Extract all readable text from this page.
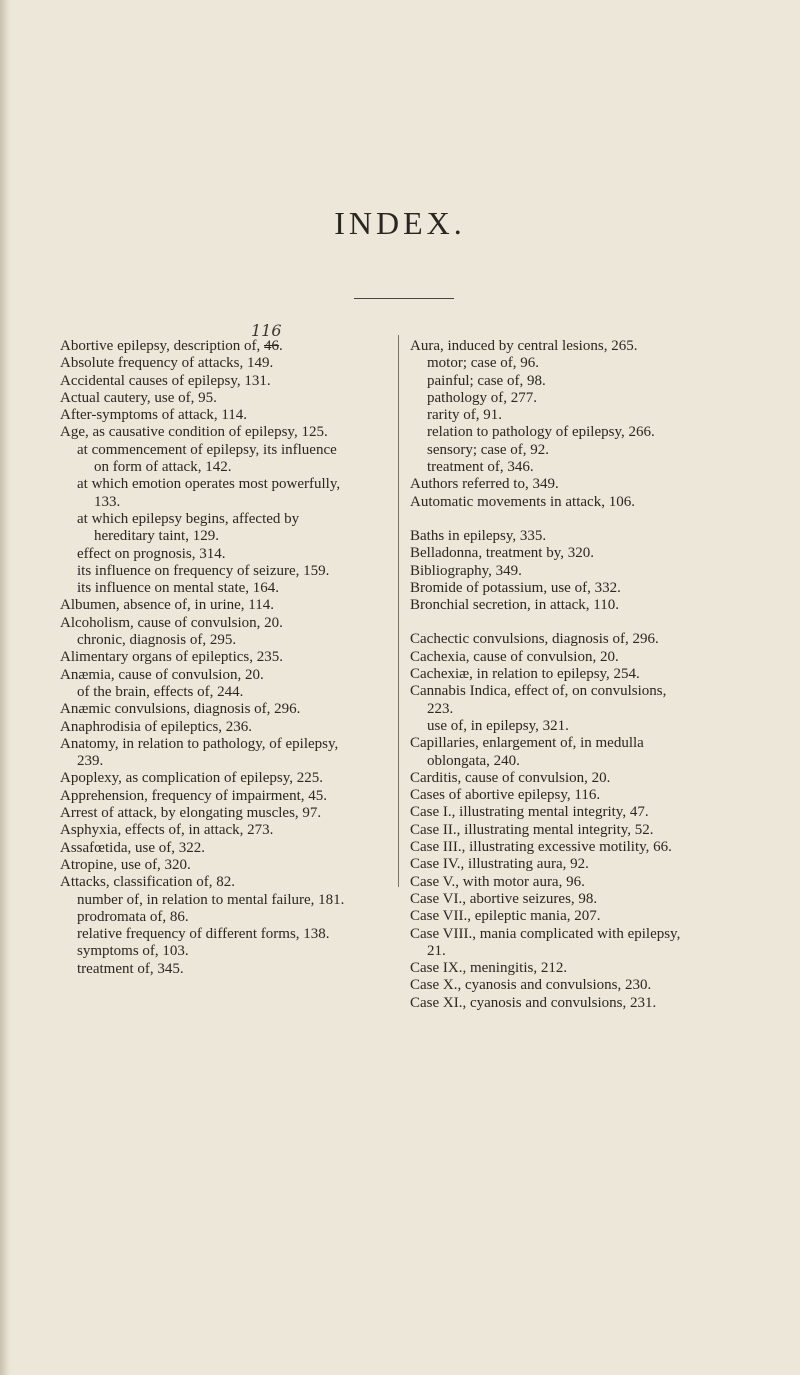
INDEX.
116
Abortive epilepsy, description of, 46.
Absolute frequency of attacks, 149.
Accidental causes of epilepsy, 131.
Actual cautery, use of, 95.
After-symptoms of attack, 114.
Age, as causative condition of epilepsy, 125.
at commencement of epilepsy, its influence on form of attack, 142.
at which emotion operates most powerfully, 133.
at which epilepsy begins, affected by hereditary taint, 129.
effect on prognosis, 314.
its influence on frequency of seizure, 159.
its influence on mental state, 164.
Albumen, absence of, in urine, 114.
Alcoholism, cause of convulsion, 20.
chronic, diagnosis of, 295.
Alimentary organs of epileptics, 235.
Anæmia, cause of convulsion, 20.
of the brain, effects of, 244.
Anæmic convulsions, diagnosis of, 296.
Anaphrodisia of epileptics, 236.
Anatomy, in relation to pathology, of epilepsy, 239.
Apoplexy, as complication of epilepsy, 225.
Apprehension, frequency of impairment, 45.
Arrest of attack, by elongating muscles, 97.
Asphyxia, effects of, in attack, 273.
Assafœtida, use of, 322.
Atropine, use of, 320.
Attacks, classification of, 82.
number of, in relation to mental failure, 181.
prodromata of, 86.
relative frequency of different forms, 138.
symptoms of, 103.
treatment of, 345.
Aura, induced by central lesions, 265.
motor; case of, 96.
painful; case of, 98.
pathology of, 277.
rarity of, 91.
relation to pathology of epilepsy, 266.
sensory; case of, 92.
treatment of, 346.
Authors referred to, 349.
Automatic movements in attack, 106.
Baths in epilepsy, 335.
Belladonna, treatment by, 320.
Bibliography, 349.
Bromide of potassium, use of, 332.
Bronchial secretion, in attack, 110.
Cachectic convulsions, diagnosis of, 296.
Cachexia, cause of convulsion, 20.
Cachexiæ, in relation to epilepsy, 254.
Cannabis Indica, effect of, on convulsions, 223.
use of, in epilepsy, 321.
Capillaries, enlargement of, in medulla oblongata, 240.
Carditis, cause of convulsion, 20.
Cases of abortive epilepsy, 116.
Case I., illustrating mental integrity, 47.
Case II., illustrating mental integrity, 52.
Case III., illustrating excessive motility, 66.
Case IV., illustrating aura, 92.
Case V., with motor aura, 96.
Case VI., abortive seizures, 98.
Case VII., epileptic mania, 207.
Case VIII., mania complicated with epilepsy, 21.
Case IX., meningitis, 212.
Case X., cyanosis and convulsions, 230.
Case XI., cyanosis and convulsions, 231.
